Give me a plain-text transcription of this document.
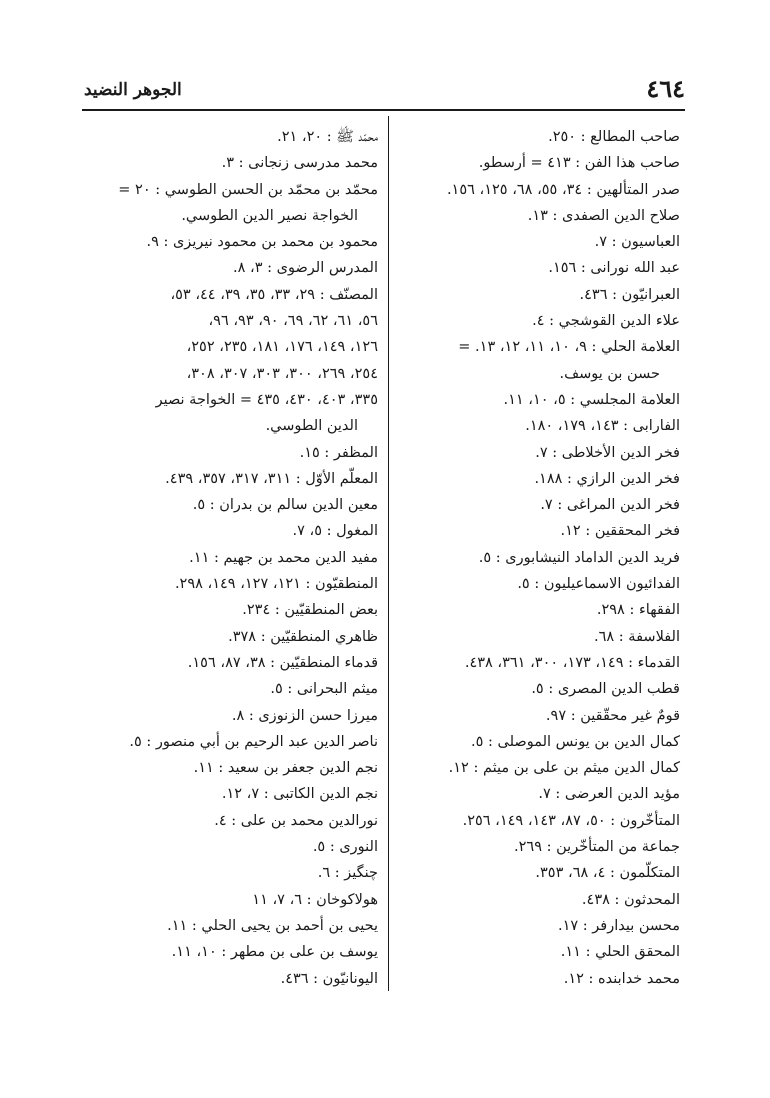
٤٦٤
الجوهر النضيد
صاحب المطالع : ٢٥٠.
صاحب هذا الفن : ٤١٣ = أرسطو.
صدر المتألهين : ٣٤، ٥٥، ٦٨، ١٢٥، ١٥٦.
صلاح الدين الصفدى : ١٣.
العباسيون : ٧.
عبد الله نورانى : ١٥٦.
العبرانيّون : ٤٣٦.
علاء الدين القوشجي : ٤.
العلامة الحلي : ٩، ١٠، ١١، ١٢، ١٣. =
حسن بن يوسف.
العلامة المجلسي : ٥، ١٠، ١١.
الفارابى : ١٤٣، ١٧٩، ١٨٠.
فخر الدين الأخلاطى : ٧.
فخر الدين الرازي : ١٨٨.
فخر الدين المراغى : ٧.
فخر المحققين : ١٢.
فريد الدين الداماد النيشابورى : ٥.
الفدائيون الاسماعيليون : ٥.
الفقهاء : ٢٩٨.
الفلاسفة : ٦٨.
القدماء : ١٤٩، ١٧٣، ٣٠٠، ٣٦١، ٤٣٨.
قطب الدين المصرى : ٥.
قومٌ غير محقّقين : ٩٧.
كمال الدين بن يونس الموصلى : ٥.
كمال الدين ميثم بن على بن ميثم : ١٢.
مؤيد الدين العرضى : ٧.
المتأخّرون : ٥٠، ٨٧، ١٤٣، ١٤٩، ٢٥٦.
جماعة من المتأخّرين : ٢٦٩.
المتكلّمون : ٤، ٦٨، ٣٥٣.
المحدثون : ٤٣٨.
محسن بيدارفر : ١٧.
المحقق الحلي : ١١.
محمد خدابنده : ١٢.
محمّد ﷺ : ٢٠، ٢١.
محمد مدرسى زنجانى : ٣.
محمّد بن محمّد بن الحسن الطوسي : ٢٠ =
الخواجة نصير الدين الطوسي.
محمود بن محمد بن محمود نيريزى : ٩.
المدرس الرضوى : ٣، ٨.
المصنّف : ٢٩، ٣٣، ٣٥، ٣٩، ٤٤، ٥٣،
٥٦، ٦١، ٦٢، ٦٩، ٩٠، ٩٣، ٩٦،
١٢٦، ١٤٩، ١٧٦، ١٨١، ٢٣٥، ٢٥٢،
٢٥٤، ٢٦٩، ٣٠٠، ٣٠٣، ٣٠٧، ٣٠٨،
٣٣٥، ٤٠٣، ٤٣٠، ٤٣٥ = الخواجة نصير
الدين الطوسي.
المظفر : ١٥.
المعلّم الأوّل : ٣١١، ٣١٧، ٣٥٧، ٤٣٩.
معين الدين سالم بن بدران : ٥.
المغول : ٥، ٧.
مفيد الدين محمد بن جهيم : ١١.
المنطقيّون : ١٢١، ١٢٧، ١٤٩، ٢٩٨.
بعض المنطقيّين : ٢٣٤.
ظاهري المنطقيّين : ٣٧٨.
قدماء المنطقيّين : ٣٨، ٨٧، ١٥٦.
ميثم البحرانى : ٥.
ميرزا حسن الزنوزى : ٨.
ناصر الدين عبد الرحيم بن أبي منصور : ٥.
نجم الدين جعفر بن سعيد : ١١.
نجم الدين الكاتبى : ٧، ١٢.
نورالدين محمد بن على : ٤.
النورى : ٥.
چنگيز : ٦.
هولاكوخان : ٦، ٧، ١١
يحيى بن أحمد بن يحيى الحلي : ١١.
يوسف بن على بن مطهر : ١٠، ١١.
اليونانيّون : ٤٣٦.
